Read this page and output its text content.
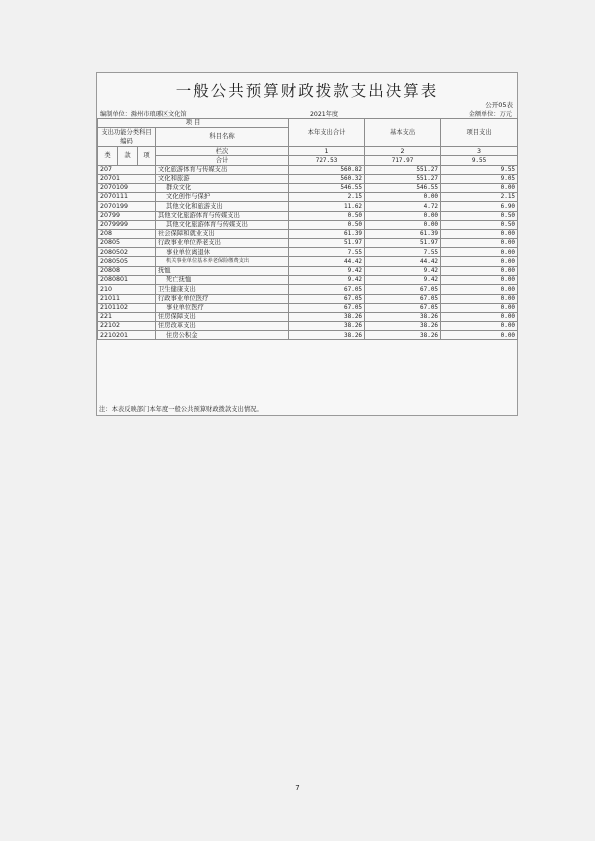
一般公共预算财政拨款支出决算表
公开05表
编制单位：滁州市琅琊区文化馆	2021年度	金额单位：万元
项 目				本年支出合计	基本支出	项目支出
支出功能分类科目编码			科目名称			

类	款	项	栏次	1	2	3
			合计	727.53	717.97	9.55
207			文化旅游体育与传媒支出	560.82	551.27	9.55
20701			文化和旅游	560.32	551.27	9.05
2070109			群众文化	546.55	546.55	0.00
2070111			文化创作与保护	2.15	0.00	2.15
2070199			其他文化和旅游支出	11.62	4.72	6.90
20799			其他文化旅游体育与传媒支出	0.50	0.00	0.50
2079999			其他文化旅游体育与传媒支出	0.50	0.00	0.50
208			社会保障和就业支出	61.39	61.39	0.00
20805			行政事业单位养老支出	51.97	51.97	0.00
2080502			事业单位离退休	7.55	7.55	0.00
2080505			机关事业单位基本养老保险缴费支出	44.42	44.42	0.00
20808			抚恤	9.42	9.42	0.00
2080801			死亡抚恤	9.42	9.42	0.00
210			卫生健康支出	67.05	67.05	0.00
21011			行政事业单位医疗	67.05	67.05	0.00
2101102			事业单位医疗	67.05	67.05	0.00
221			住房保障支出	38.26	38.26	0.00
22102			住房改革支出	38.26	38.26	0.00
2210201			住房公积金	38.26	38.26	0.00
注：本表反映部门本年度一般公共预算财政拨款支出情况。
7
